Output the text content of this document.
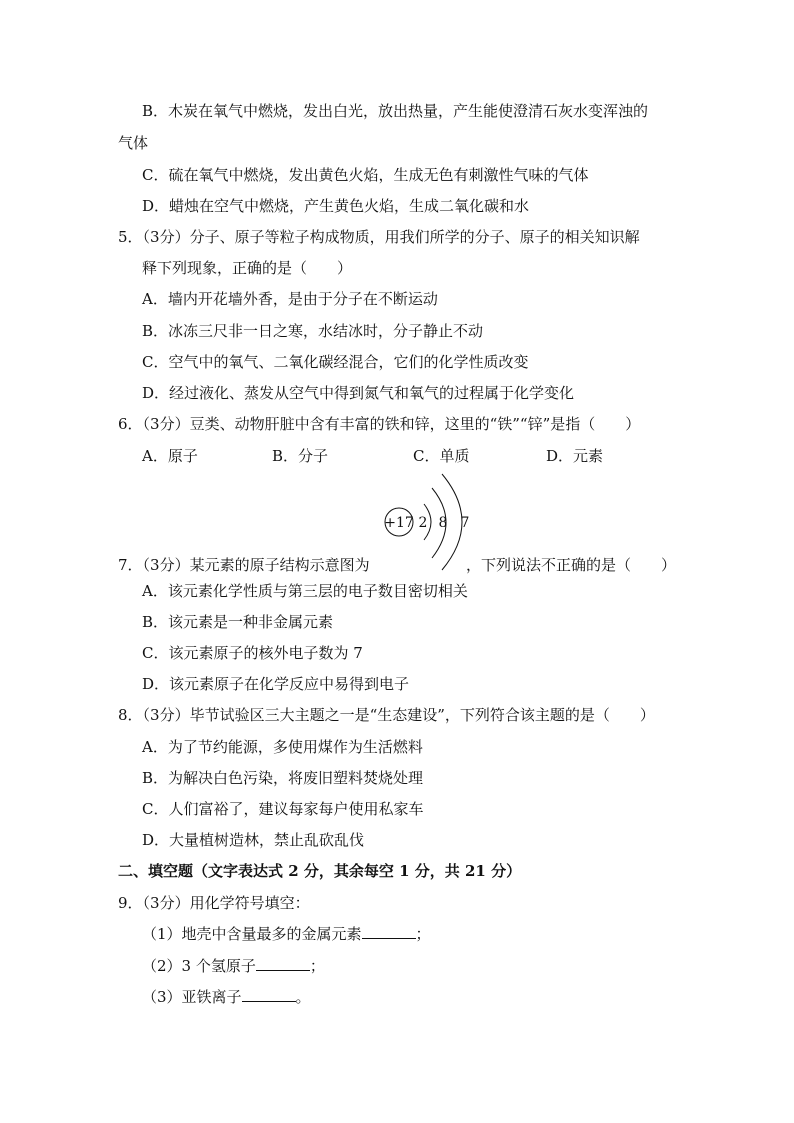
B．木炭在氧气中燃烧，发出白光，放出热量，产生能使澄清石灰水变浑浊的
气体
C．硫在氧气中燃烧，发出黄色火焰，生成无色有刺激性气味的气体
D．蜡烛在空气中燃烧，产生黄色火焰，生成二氧化碳和水
5．（3分）分子、原子等粒子构成物质，用我们所学的分子、原子的相关知识解
释下列现象，正确的是（　　）
A．墙内开花墙外香，是由于分子在不断运动
B．冰冻三尺非一日之寒，水结冰时，分子静止不动
C．空气中的氧气、二氧化碳经混合，它们的化学性质改变
D．经过液化、蒸发从空气中得到氮气和氧气的过程属于化学变化
6．（3分）豆类、动物肝脏中含有丰富的铁和锌，这里的“铁”“锌”是指（　　）
A．原子	B．分子	C．单质	D．元素
+17 2 8 7
7．（3分）某元素的原子结构示意图为	，下列说法不正确的是（　　）
A．该元素化学性质与第三层的电子数目密切相关
B．该元素是一种非金属元素
C．该元素原子的核外电子数为 7
D．该元素原子在化学反应中易得到电子
8．（3分）毕节试验区三大主题之一是“生态建设”，下列符合该主题的是（　　）
A．为了节约能源，多使用煤作为生活燃料
B．为解决白色污染，将废旧塑料焚烧处理
C．人们富裕了，建议每家每户使用私家车
D．大量植树造林，禁止乱砍乱伐
二、填空题（文字表达式 2 分，其余每空 1 分，共 21 分）
9．（3分）用化学符号填空：
（1）地壳中含量最多的金属元素	；
（2）3 个氢原子	；
（3）亚铁离子	。
